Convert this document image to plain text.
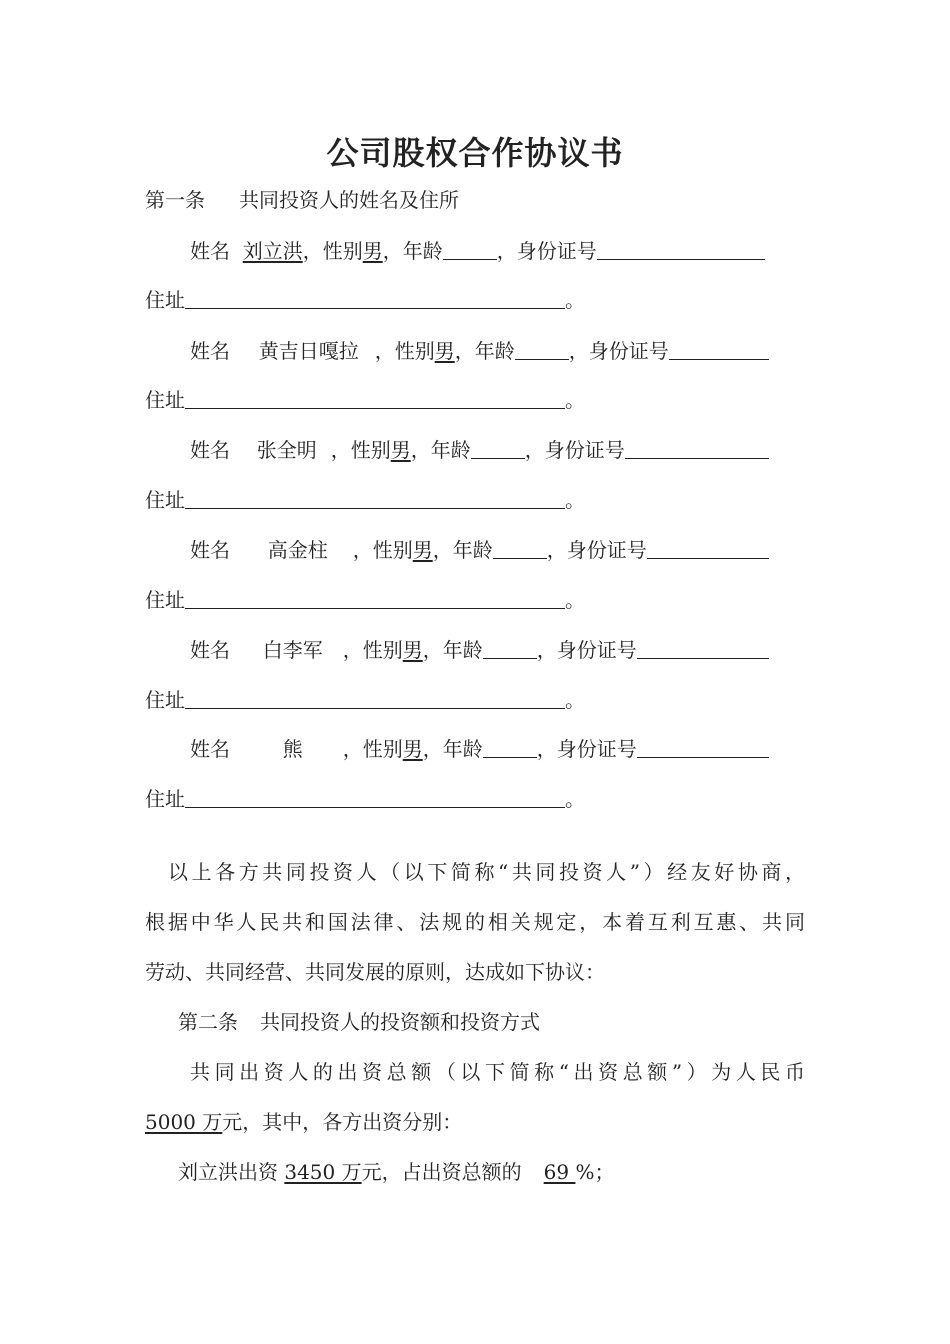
公司股权合作协议书
第一条 共同投资人的姓名及住所
姓名 刘立洪，性别男，年龄	，身份证号
住址	。
姓名 黄吉日嘎拉 ，性别男，年龄	，身份证号
住址	。
姓名 张全明 ，性别男，年龄	，身份证号
住址	。
姓名 高金柱 ，性别男，年龄	，身份证号
住址	。
姓名 白李军 ，性别男，年龄	，身份证号
住址	。
姓名	熊 ，性别男，年龄	，身份证号
住址	。
以上各方共同投资人（以下简称“共同投资人”）经友好协商，
根据中华人民共和国法律、法规的相关规定，本着互利互惠、共同
劳动、共同经营、共同发展的原则，达成如下协议：
第二条 共同投资人的投资额和投资方式
共同出资人的出资总额（以下简称“出资总额”）为人民币
5000 万元，其中，各方出资分别：
刘立洪出资 3450 万元，占出资总额的 69 %；
